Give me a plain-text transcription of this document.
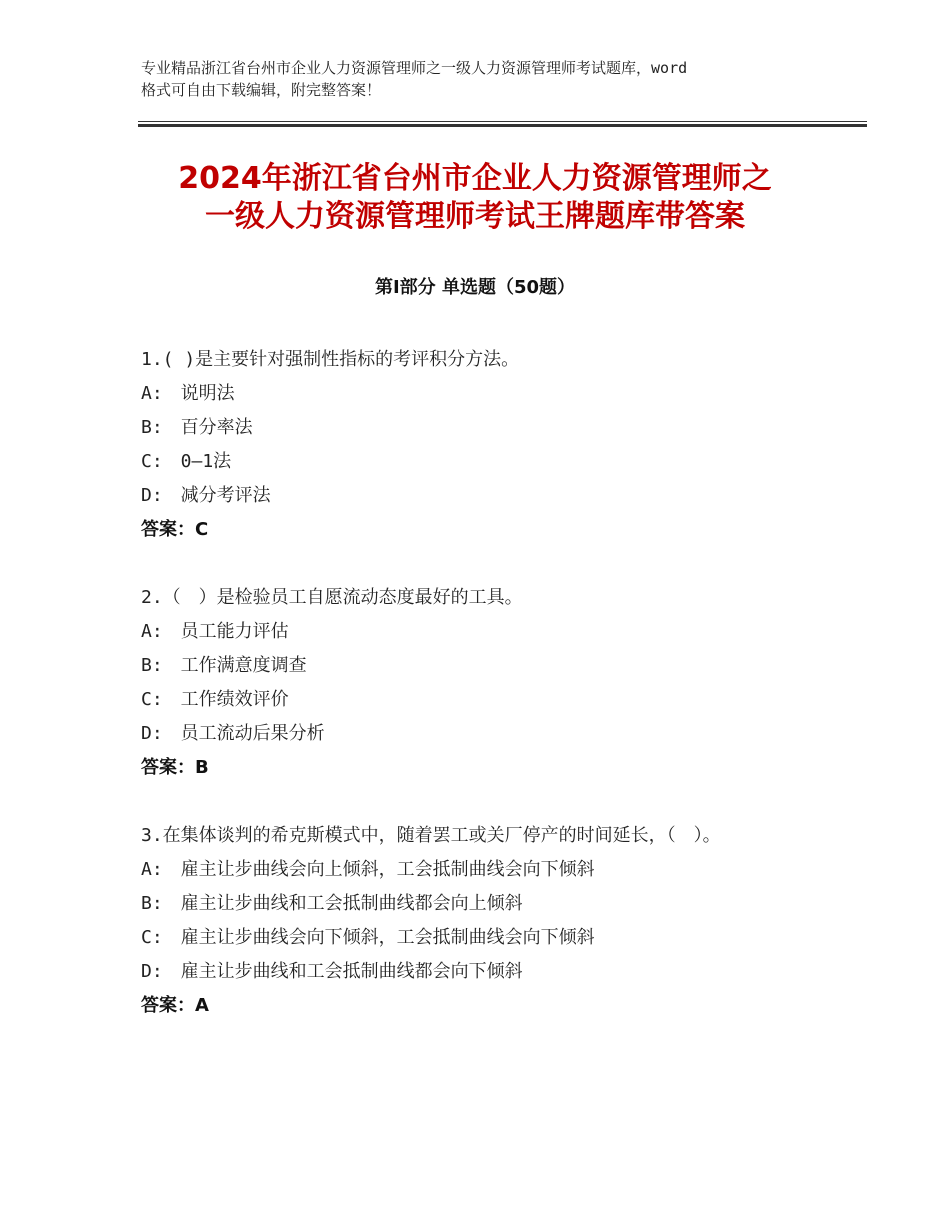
专业精品浙江省台州市企业人力资源管理师之一级人力资源管理师考试题库，word
格式可自由下载编辑，附完整答案！
2024年浙江省台州市企业人力资源管理师之
一级人力资源管理师考试王牌题库带答案
第Ⅰ部分 单选题（50题）
1.( )是主要针对强制性指标的考评积分方法。
A:　说明法
B:　百分率法
C:　0—1法
D:　减分考评法
答案：C
2.（　）是检验员工自愿流动态度最好的工具。
A:　员工能力评估
B:　工作满意度调查
C:　工作绩效评价
D:　员工流动后果分析
答案：B
3.在集体谈判的希克斯模式中，随着罢工或关厂停产的时间延长，（　）。
A:　雇主让步曲线会向上倾斜，工会抵制曲线会向下倾斜
B:　雇主让步曲线和工会抵制曲线都会向上倾斜
C:　雇主让步曲线会向下倾斜，工会抵制曲线会向下倾斜
D:　雇主让步曲线和工会抵制曲线都会向下倾斜
答案：A
